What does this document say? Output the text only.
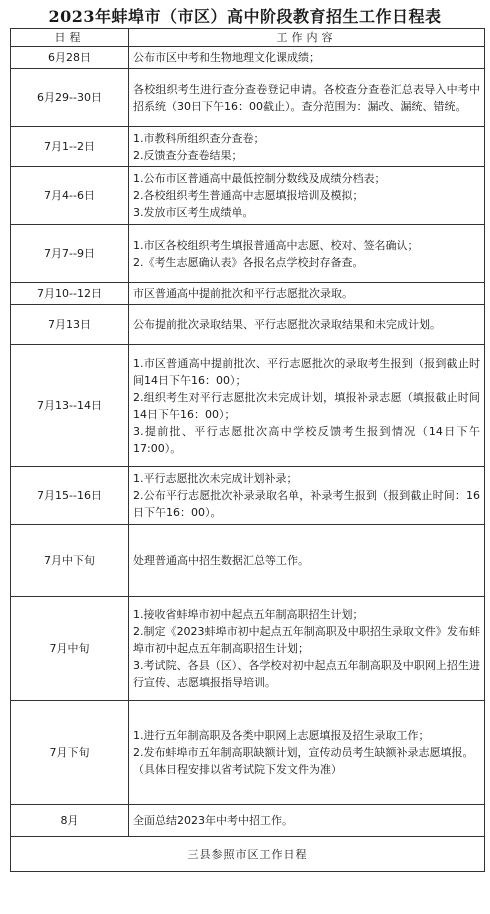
2023年蚌埠市（市区）高中阶段教育招生工作日程表
日程	工作内容
6月28日	公布市区中考和生物地理文化课成绩；

6月29--30日	各校组织考生进行查分查卷登记申请。各校查分查卷汇总表导入中考中招系统（30日下午16：00截止）。查分范围为：漏改、漏统、错统。

7月1--2日	1.市教科所组织查分查卷；
2.反馈查分查卷结果；

7月4--6日	1.公布市区普通高中最低控制分数线及成绩分档表；
2.各校组织考生普通高中志愿填报培训及模拟；
3.发放市区考生成绩单。

7月7--9日	1.市区各校组织考生填报普通高中志愿、校对、签名确认；
2.《考生志愿确认表》各报名点学校封存备查。

7月10--12日	市区普通高中提前批次和平行志愿批次录取。

7月13日	公布提前批次录取结果、平行志愿批次录取结果和未完成计划。

7月13--14日	1.市区普通高中提前批次、平行志愿批次的录取考生报到（报到截止时间14日下午16：00）；
2.组织考生对平行志愿批次未完成计划，填报补录志愿（填报截止时间14日下午16：00）；
3.提前批、平行志愿批次高中学校反馈考生报到情况（14日下午17:00）。

7月15--16日	1.平行志愿批次未完成计划补录；
2.公布平行志愿批次补录录取名单，补录考生报到（报到截止时间：16日下午16：00）。

7月中下旬	处理普通高中招生数据汇总等工作。

7月中旬	1.接收省蚌埠市初中起点五年制高职招生计划；
2.制定《2023蚌埠市初中起点五年制高职及中职招生录取文件》发布蚌埠市初中起点五年制高职招生计划；
3.考试院、各县（区）、各学校对初中起点五年制高职及中职网上招生进行宣传、志愿填报指导培训。

7月下旬	1.进行五年制高职及各类中职网上志愿填报及招生录取工作；
2.发布蚌埠市五年制高职缺额计划，宣传动员考生缺额补录志愿填报。
（具体日程安排以省考试院下发文件为准）

8月	全面总结2023年中考中招工作。

三县参照市区工作日程	
